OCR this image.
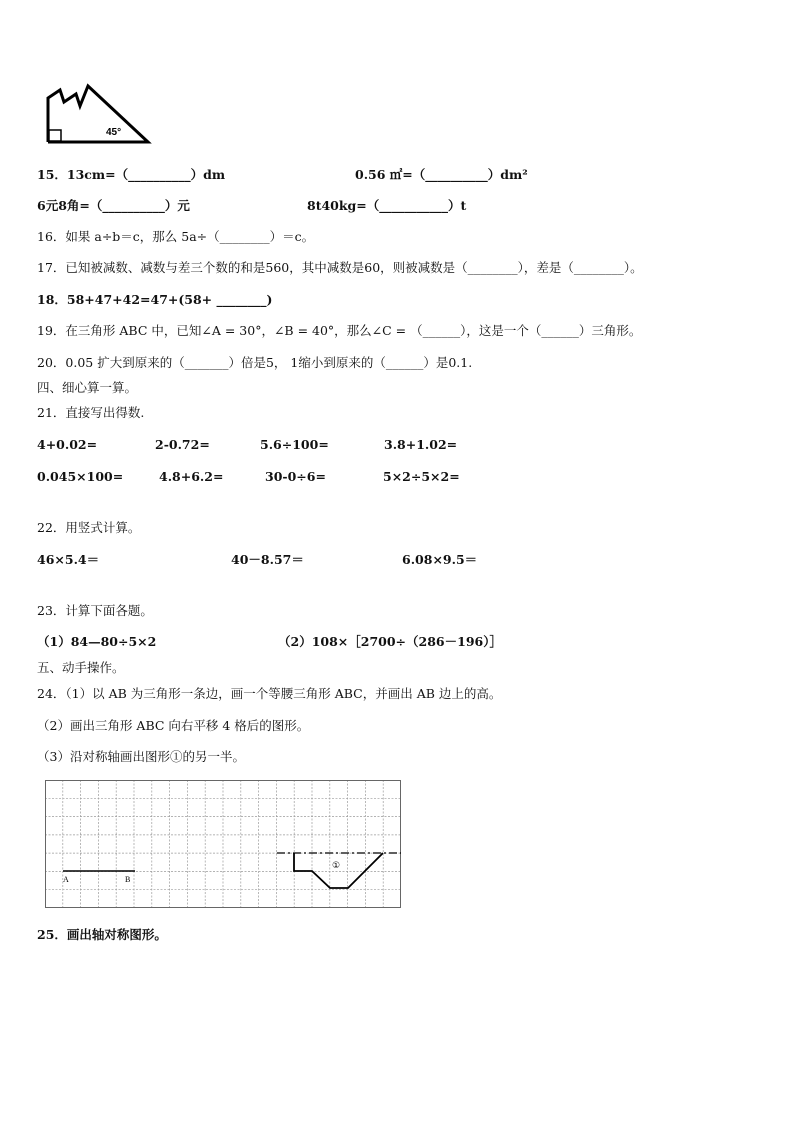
45°
15．13cm=（__________）dm	0.56 ㎡=（__________）dm²
6元8角=（__________）元	8t40kg=（___________）t
16．如果 a÷b＝c，那么 5a÷（________）＝c。
17．已知被减数、减数与差三个数的和是560，其中减数是60，则被减数是（________），差是（________）。
18．58+47+42=47+(58+ ________)
19．在三角形 ABC 中，已知∠A = 30°，∠B = 40°，那么∠C = （______），这是一个（______）三角形。
20．0.05 扩大到原来的（_______）倍是5， 1缩小到原来的（______）是0.1.
四、细心算一算。
21．直接写出得数.
4+0.02=	2-0.72=	5.6÷100=	3.8+1.02=
0.045×100=	4.8+6.2=	30-0÷6=	5×2÷5×2=
22．用竖式计算。
46×5.4＝	40－8.57＝	6.08×9.5＝
23．计算下面各题。
（1）84—80÷5×2	（2）108×［2700÷（286－196）］
五、动手操作。
24．（1）以 AB 为三角形一条边，画一个等腰三角形 ABC，并画出 AB 边上的高。
（2）画出三角形 ABC 向右平移 4 格后的图形。
（3）沿对称轴画出图形①的另一半。
A	B
①
25．画出轴对称图形。
